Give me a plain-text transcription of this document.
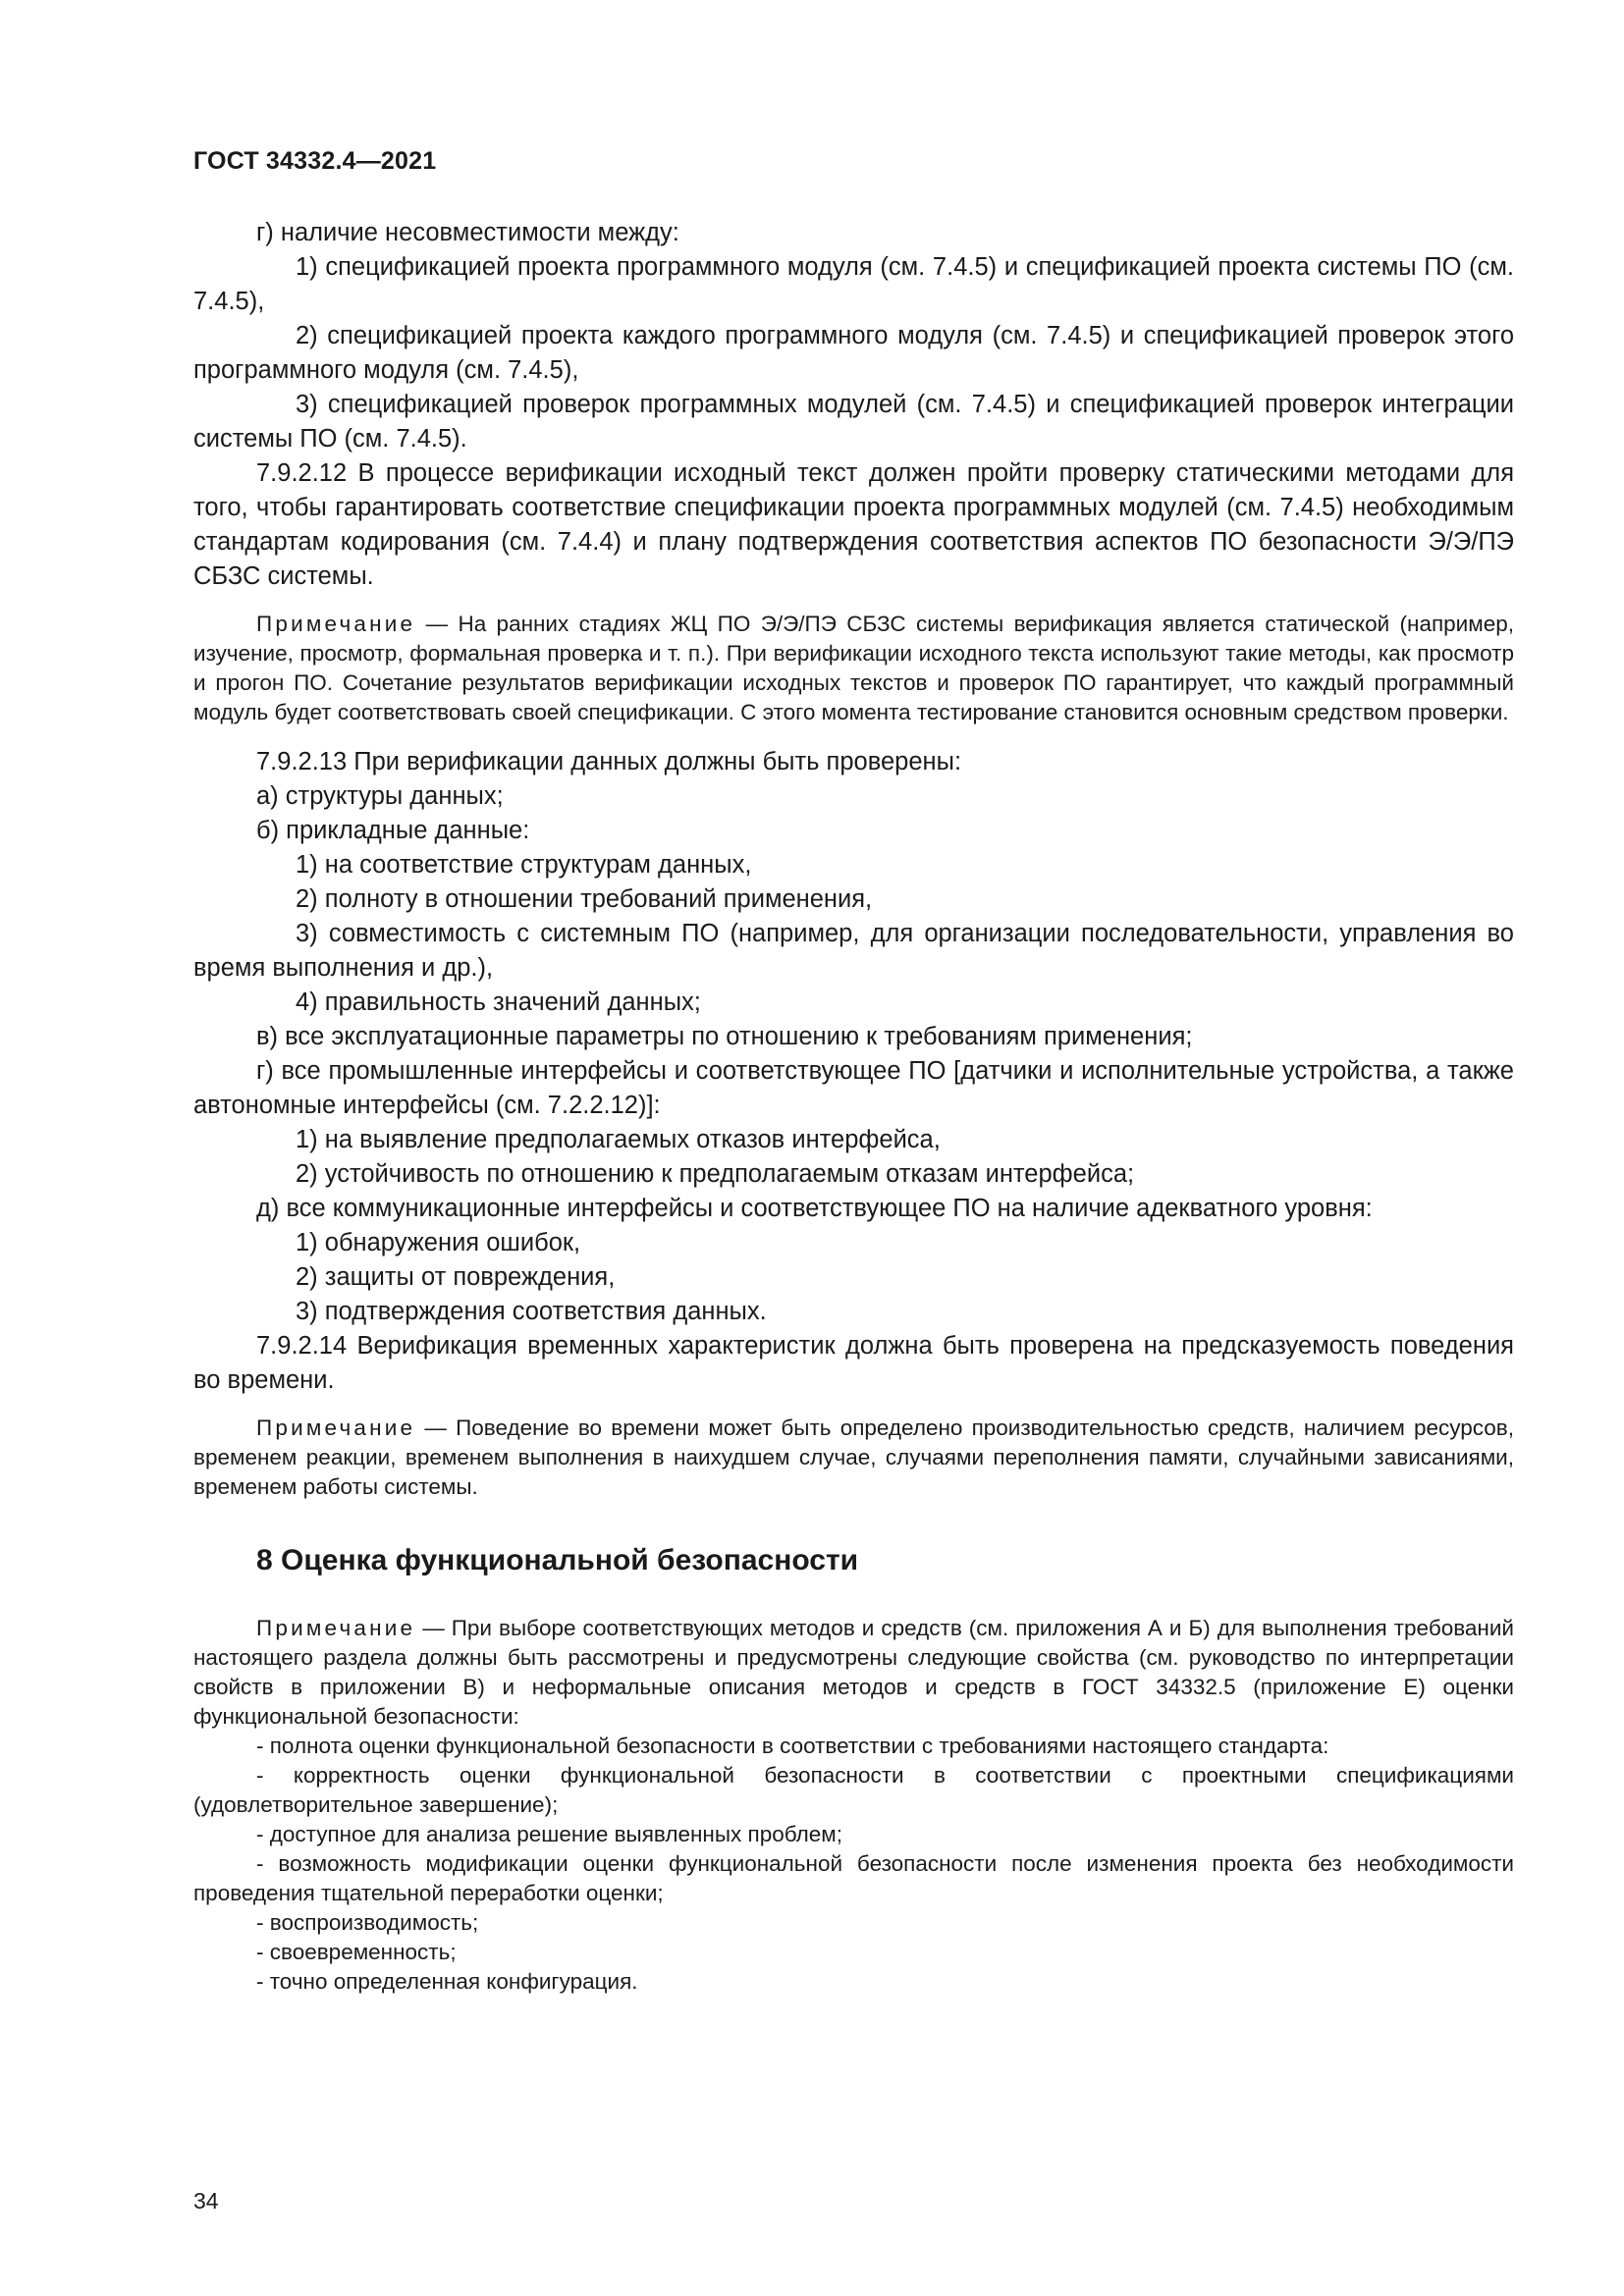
ГОСТ 34332.4—2021

г) наличие несовместимости между:

1) спецификацией проекта программного модуля (см. 7.4.5) и спецификацией проекта системы ПО (см. 7.4.5),

2) спецификацией проекта каждого программного модуля (см. 7.4.5) и спецификацией проверок этого программного модуля (см. 7.4.5),

3) спецификацией проверок программных модулей (см. 7.4.5) и спецификацией проверок интеграции системы ПО (см. 7.4.5).

7.9.2.12 В процессе верификации исходный текст должен пройти проверку статическими методами для того, чтобы гарантировать соответствие спецификации проекта программных модулей (см. 7.4.5) необходимым стандартам кодирования (см. 7.4.4) и плану подтверждения соответствия аспектов ПО безопасности Э/Э/ПЭ СБЗС системы.

Примечание — На ранних стадиях ЖЦ ПО Э/Э/ПЭ СБЗС системы верификация является статической (например, изучение, просмотр, формальная проверка и т. п.). При верификации исходного текста используют такие методы, как просмотр и прогон ПО. Сочетание результатов верификации исходных текстов и проверок ПО гарантирует, что каждый программный модуль будет соответствовать своей спецификации. С этого момента тестирование становится основным средством проверки.

7.9.2.13 При верификации данных должны быть проверены:

а) структуры данных;

б) прикладные данные:

1) на соответствие структурам данных,

2) полноту в отношении требований применения,

3) совместимость с системным ПО (например, для организации последовательности, управления во время выполнения и др.),

4) правильность значений данных;

в) все эксплуатационные параметры по отношению к требованиям применения;

г) все промышленные интерфейсы и соответствующее ПО [датчики и исполнительные устройства, а также автономные интерфейсы (см. 7.2.2.12)]:

1) на выявление предполагаемых отказов интерфейса,

2) устойчивость по отношению к предполагаемым отказам интерфейса;

д) все коммуникационные интерфейсы и соответствующее ПО на наличие адекватного уровня:

1) обнаружения ошибок,

2) защиты от повреждения,

3) подтверждения соответствия данных.

7.9.2.14 Верификация временных характеристик должна быть проверена на предсказуемость поведения во времени.

Примечание — Поведение во времени может быть определено производительностью средств, наличием ресурсов, временем реакции, временем выполнения в наихудшем случае, случаями переполнения памяти, случайными зависаниями, временем работы системы.

8 Оценка функциональной безопасности

Примечание — При выборе соответствующих методов и средств (см. приложения А и Б) для выполнения требований настоящего раздела должны быть рассмотрены и предусмотрены следующие свойства (см. руководство по интерпретации свойств в приложении В) и неформальные описания методов и средств в ГОСТ 34332.5 (приложение Е) оценки функциональной безопасности:

- полнота оценки функциональной безопасности в соответствии с требованиями настоящего стандарта:

- корректность оценки функциональной безопасности в соответствии с проектными спецификациями (удовлетворительное завершение);

- доступное для анализа решение выявленных проблем;

- возможность модификации оценки функциональной безопасности после изменения проекта без необходимости проведения тщательной переработки оценки;

- воспроизводимость;

- своевременность;

- точно определенная конфигурация.

34
